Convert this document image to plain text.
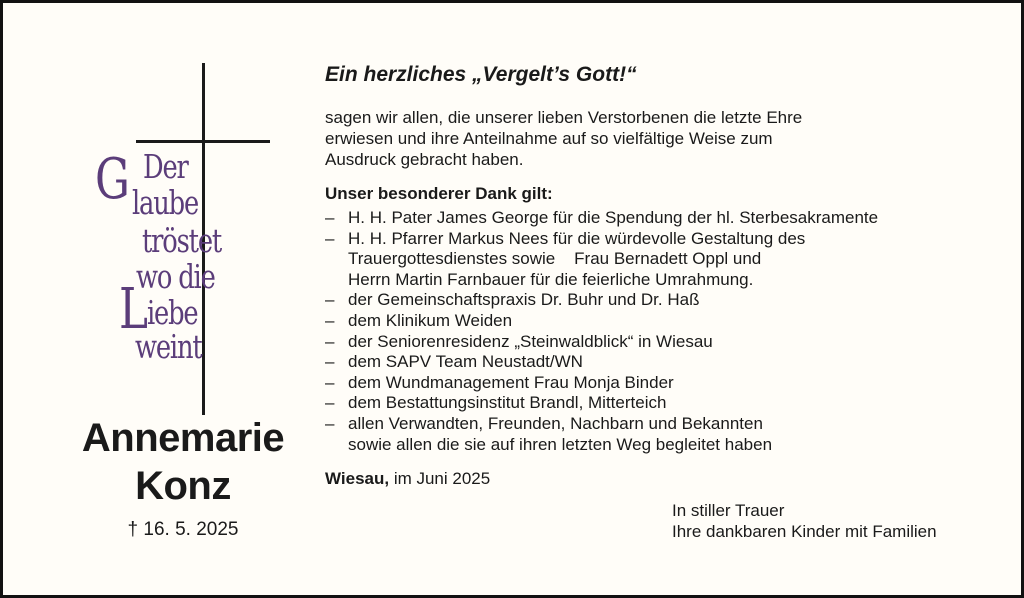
G Der
laube
tröstet
wo die
L
iebe
weint
Annemarie
Konz
† 16. 5. 2025
Ein herzliches „Vergelt’s Gott!“
sagen wir allen, die unserer lieben Verstorbenen die letzte Ehre
erwiesen und ihre Anteilnahme auf so vielfältige Weise zum
Ausdruck gebracht haben.
Unser besonderer Dank gilt:
– H. H. Pater James George für die Spendung der hl. Sterbesakramente
– H. H. Pfarrer Markus Nees für die würdevolle Gestaltung des
Trauergottesdienstes sowie    Frau Bernadett Oppl und
Herrn Martin Farnbauer für die feierliche Umrahmung.
– der Gemeinschaftspraxis Dr. Buhr und Dr. Haß
– dem Klinikum Weiden
– der Seniorenresidenz „Steinwaldblick“ in Wiesau
– dem SAPV Team Neustadt/WN
– dem Wundmanagement Frau Monja Binder
– dem Bestattungsinstitut Brandl, Mitterteich
– allen Verwandten, Freunden, Nachbarn und Bekannten
sowie allen die sie auf ihren letzten Weg begleitet haben
Wiesau, im Juni 2025
In stiller Trauer
Ihre dankbaren Kinder mit Familien
